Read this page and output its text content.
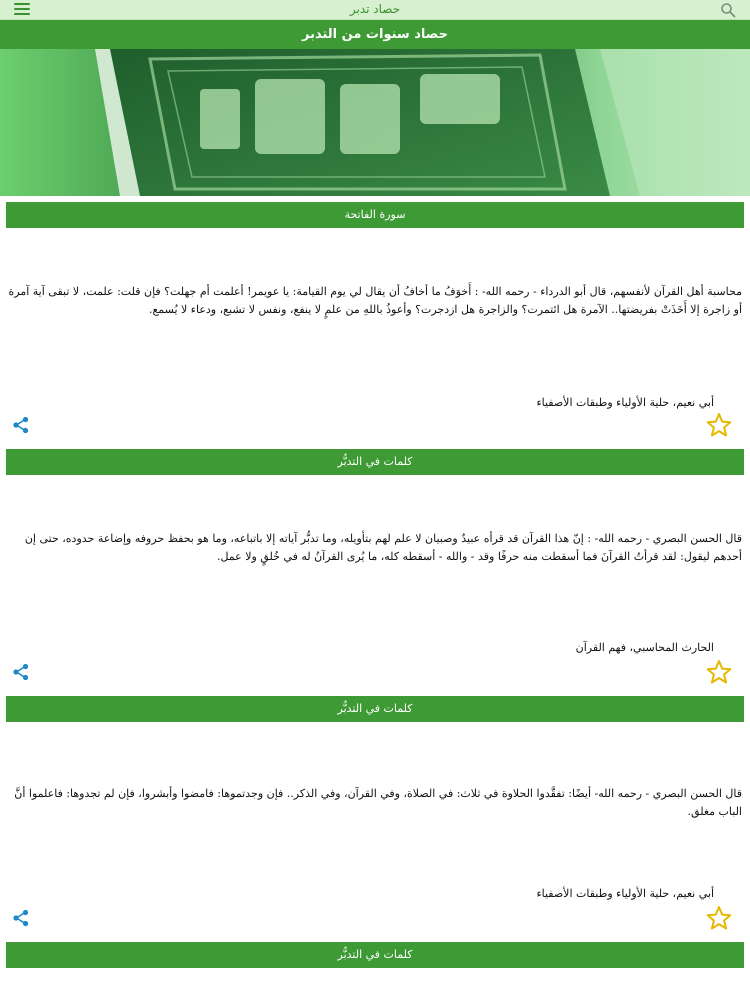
حصاد تدبر
حصاد سنوات من التدبر
سورة الفاتحة
محاسبة أهل القرآن لأنفسهم، قال أبو الدرداء - رحمه الله- : أَخوَفُ ما أخافُ أن يقال لي يوم القيامة: يا عويمر! أعلمت أم جهلت؟ فإن قلت: علمت، لا تبقى آية آمرة أو زاجرة إلا أَخَذَتْ بفريضتها.. الآمرة هل ائتمرت؟ والزاجرة هل ازدجرت؟ وأعوذُ باللهِ من علمٍ لا ينفع، ونفس لا تشبع، ودعاء لا يُسمع.
أبي نعيم، حلية الأولياء وطبقات الأصفياء
كلمات في التدبُّر
قال الحسن البصري - رحمه الله- : إنّ هذا القرآن قد قرأه عبيدٌ وصبيان لا علم لهم بتأويله، وما تدبُّر آياته إلا باتباعه، وما هو بحفظ حروفه وإضاعة حدوده، حتى إن أحدهم ليقول: لقد قرأتُ القرآنَ فما أسقطت منه حرفًا وقد - والله - أسقطه كله، ما يُرى القرآنُ له في خُلقٍ ولا عمل.
الحارث المحاسبي، فهم القرآن
كلمات في التدبُّر
قال الحسن البصري - رحمه الله- أيضًا: تفقَّدوا الحلاوة في ثلاث: في الصلاة، وفي القرآن، وفي الذكر.. فإن وجدتموها: فامضوا وأبشروا، فإن لم تجدوها: فاعلموا أنَّ الباب مغلق.
أبي نعيم، حلية الأولياء وطبقات الأصفياء
كلمات في التدبُّر
